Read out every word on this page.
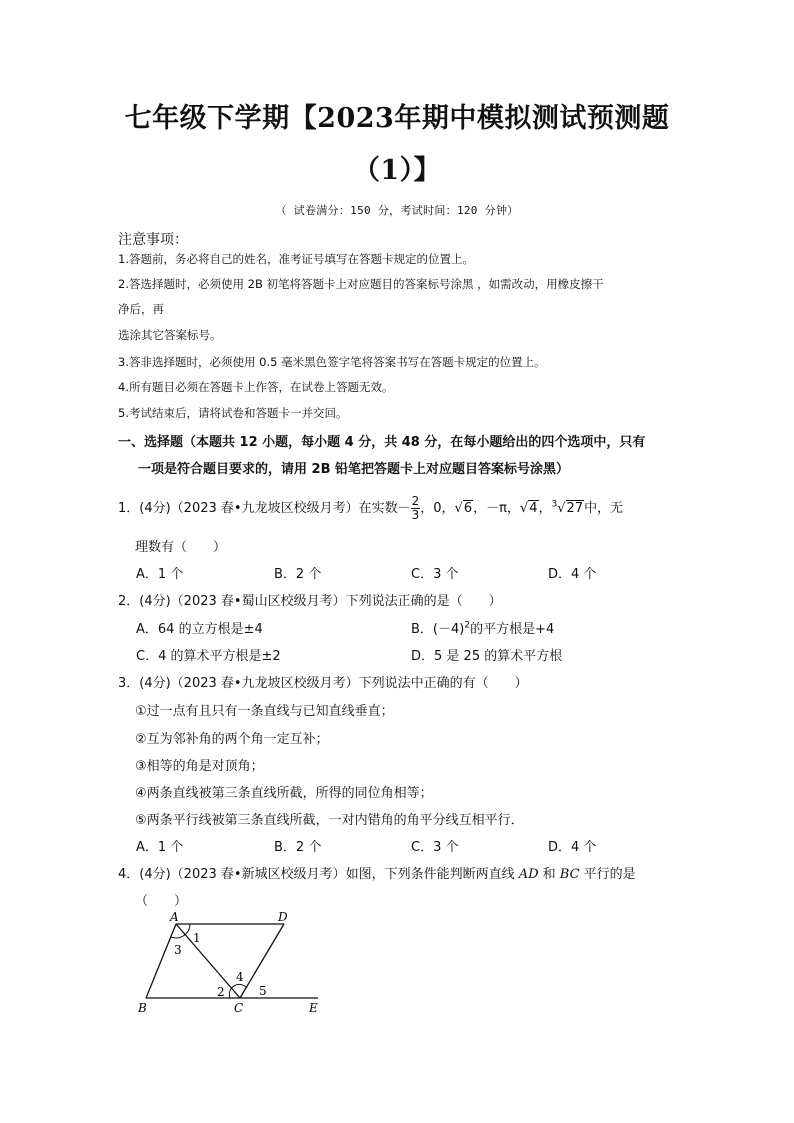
七年级下学期【2023年期中模拟测试预测题
（1）】
（ 试卷满分：150 分，考试时间：120 分钟）
注意事项：
1.答题前，务必将自己的姓名，准考证号填写在答题卡规定的位置上。
2.答选择题时，必须使用 2B 初笔将答题卡上对应题目的答案标号涂黑 ，如需改动，用橡皮擦干
净后，再
选涂其它答案标号。
3.答非选择题时，必须使用 0.5 毫米黑色签字笔将答案书写在答题卡规定的位置上。
4.所有题目必须在答题卡上作答，在试卷上答题无效。
5.考试结束后，请将试卷和答题卡一并交回。
一、选择题（本题共 12 小题，每小题 4 分，共 48 分，在每小题给出的四个选项中，只有
一项是符合题目要求的，请用 2B 铅笔把答题卡上对应题目答案标号涂黑）
1．(4分)（2023 春•九龙坡区校级月考）在实数－ $\frac{2}{3}$ ，0，√6，－π，√4，$^3$√27中，无
理数有（　　）
A．1 个	B．2 个	C．3 个	D．4 个
2．(4分)（2023 春•蜀山区校级月考）下列说法正确的是（　　）
A．64 的立方根是±4	B．$(-4)^2$的平方根是+4
C．4 的算术平方根是±2	D．5 是 25 的算术平方根
3．(4分)（2023 春•九龙坡区校级月考）下列说法中正确的有（　　）
①过一点有且只有一条直线与已知直线垂直；
②互为邻补角的两个角一定互补；
③相等的角是对顶角；
④两条直线被第三条直线所截，所得的同位角相等；
⑤两条平行线被第三条直线所截，一对内错角的角平分线互相平行．
A．1 个	B．2 个	C．3 个	D．4 个
4．(4分)（2023 春•新城区校级月考）如图，下列条件能判断两直线 AD 和 BC 平行的是
（　　）
A	D
B	C	E
1
3
2
4
5
